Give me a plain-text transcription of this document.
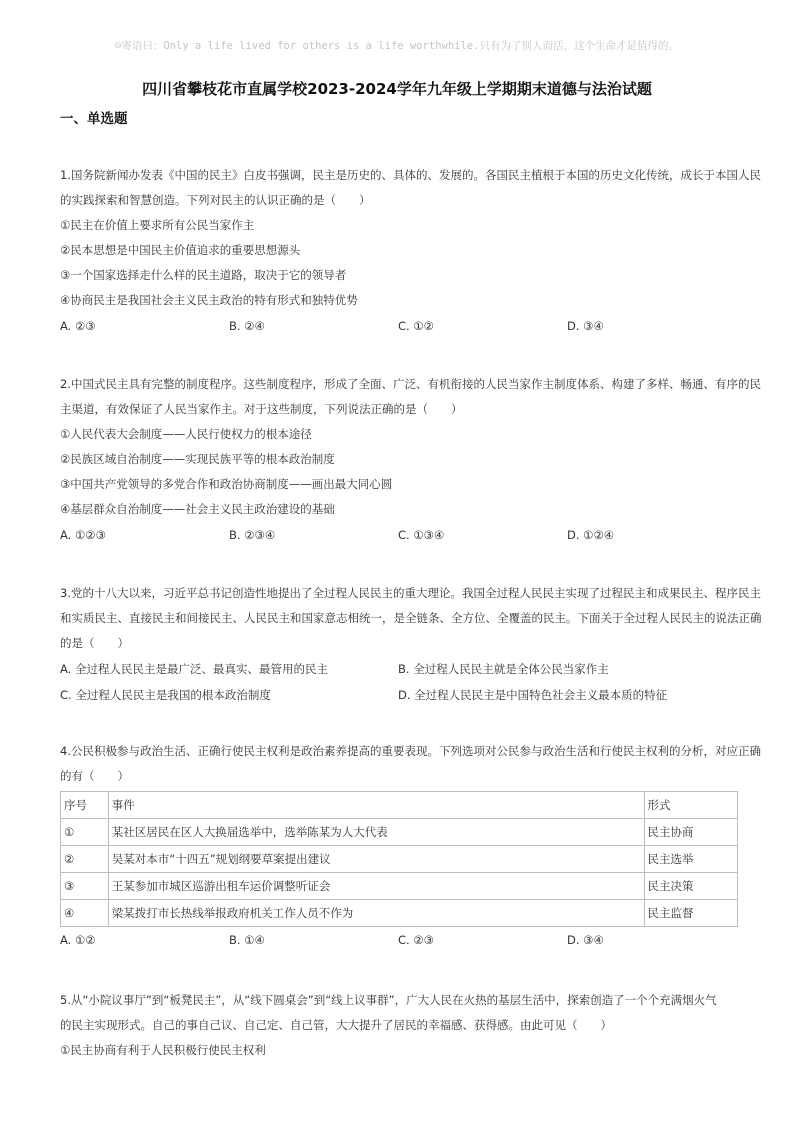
☺寄语曰：Only a life lived for others is a life worthwhile.只有为了别人而活，这个生命才是值得的。
四川省攀枝花市直属学校2023-2024学年九年级上学期期末道德与法治试题
一、单选题
1.国务院新闻办发表《中国的民主》白皮书强调，民主是历史的、具体的、发展的。各国民主植根于本国的历史文化传统，成长于本国人民
的实践探索和智慧创造。下列对民主的认识正确的是（　　）
①民主在价值上要求所有公民当家作主
②民本思想是中国民主价值追求的重要思想源头
③一个国家选择走什么样的民主道路，取决于它的领导者
④协商民主是我国社会主义民主政治的特有形式和独特优势
A. ②③	B. ②④	C. ①②	D. ③④
2.中国式民主具有完整的制度程序。这些制度程序，形成了全面、广泛、有机衔接的人民当家作主制度体系、构建了多样、畅通、有序的民
主渠道，有效保证了人民当家作主。对于这些制度，下列说法正确的是（　　）
①人民代表大会制度——人民行使权力的根本途径
②民族区域自治制度——实现民族平等的根本政治制度
③中国共产党领导的多党合作和政治协商制度——画出最大同心圆
④基层群众自治制度——社会主义民主政治建设的基础
A. ①②③	B. ②③④	C. ①③④	D. ①②④
3.党的十八大以来，习近平总书记创造性地提出了全过程人民民主的重大理论。我国全过程人民民主实现了过程民主和成果民主、程序民主
和实质民主、直接民主和间接民主、人民民主和国家意志相统一，是全链条、全方位、全覆盖的民主。下面关于全过程人民民主的说法正确
的是（　　）
A. 全过程人民民主是最广泛、最真实、最管用的民主	B. 全过程人民民主就是全体公民当家作主
C. 全过程人民民主是我国的根本政治制度	D. 全过程人民民主是中国特色社会主义最本质的特征
4.公民积极参与政治生活、正确行使民主权利是政治素养提高的重要表现。下列选项对公民参与政治生活和行使民主权利的分析，对应正确
的有（　　）
序号	事件	形式
①	某社区居民在区人大换届选举中，选举陈某为人大代表	民主协商
②	吴某对本市“十四五”规划纲要草案提出建议	民主选举
③	王某参加市城区巡游出租车运价调整听证会	民主决策
④	梁某拨打市长热线举报政府机关工作人员不作为	民主监督
A. ①②	B. ①④	C. ②③	D. ③④
5.从“小院议事厅”到“板凳民主”，从“线下圆桌会”到“线上议事群”，广大人民在火热的基层生活中，探索创造了一个个充满烟火气
的民主实现形式。自己的事自己议、自己定、自己管，大大提升了居民的幸福感、获得感。由此可见（　　）
①民主协商有利于人民积极行使民主权利
